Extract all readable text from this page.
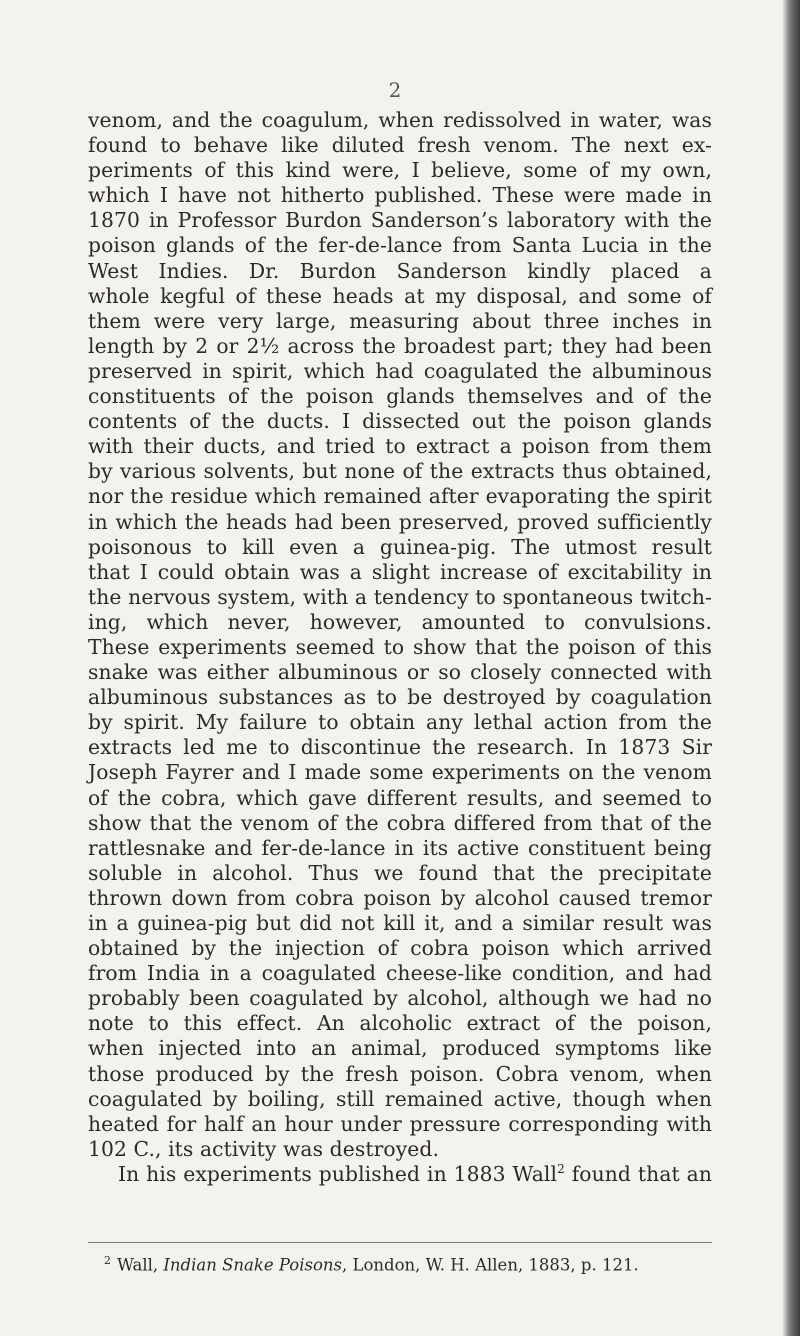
2
venom, and the coagulum, when redissolved in water, was
found to behave like diluted fresh venom. The next ex-
periments of this kind were, I believe, some of my own,
which I have not hitherto published. These were made in
1870 in Professor Burdon Sanderson’s laboratory with the
poison glands of the fer-de-lance from Santa Lucia in the
West Indies. Dr. Burdon Sanderson kindly placed a
whole kegful of these heads at my disposal, and some of
them were very large, measuring about three inches in
length by 2 or 2½ across the broadest part; they had been
preserved in spirit, which had coagulated the albuminous
constituents of the poison glands themselves and of the
contents of the ducts. I dissected out the poison glands
with their ducts, and tried to extract a poison from them
by various solvents, but none of the extracts thus obtained,
nor the residue which remained after evaporating the spirit
in which the heads had been preserved, proved sufficiently
poisonous to kill even a guinea-pig. The utmost result
that I could obtain was a slight increase of excitability in
the nervous system, with a tendency to spontaneous twitch-
ing, which never, however, amounted to convulsions.
These experiments seemed to show that the poison of this
snake was either albuminous or so closely connected with
albuminous substances as to be destroyed by coagulation
by spirit. My failure to obtain any lethal action from the
extracts led me to discontinue the research. In 1873 Sir
Joseph Fayrer and I made some experiments on the venom
of the cobra, which gave different results, and seemed to
show that the venom of the cobra differed from that of the
rattlesnake and fer-de-lance in its active constituent being
soluble in alcohol. Thus we found that the precipitate
thrown down from cobra poison by alcohol caused tremor
in a guinea-pig but did not kill it, and a similar result was
obtained by the injection of cobra poison which arrived
from India in a coagulated cheese-like condition, and had
probably been coagulated by alcohol, although we had no
note to this effect. An alcoholic extract of the poison,
when injected into an animal, produced symptoms like
those produced by the fresh poison. Cobra venom, when
coagulated by boiling, still remained active, though when
heated for half an hour under pressure corresponding with
102 C., its activity was destroyed.
In his experiments published in 1883 Wall$^2$ found that an
$^2$ Wall, Indian Snake Poisons, London, W. H. Allen, 1883, p. 121.
